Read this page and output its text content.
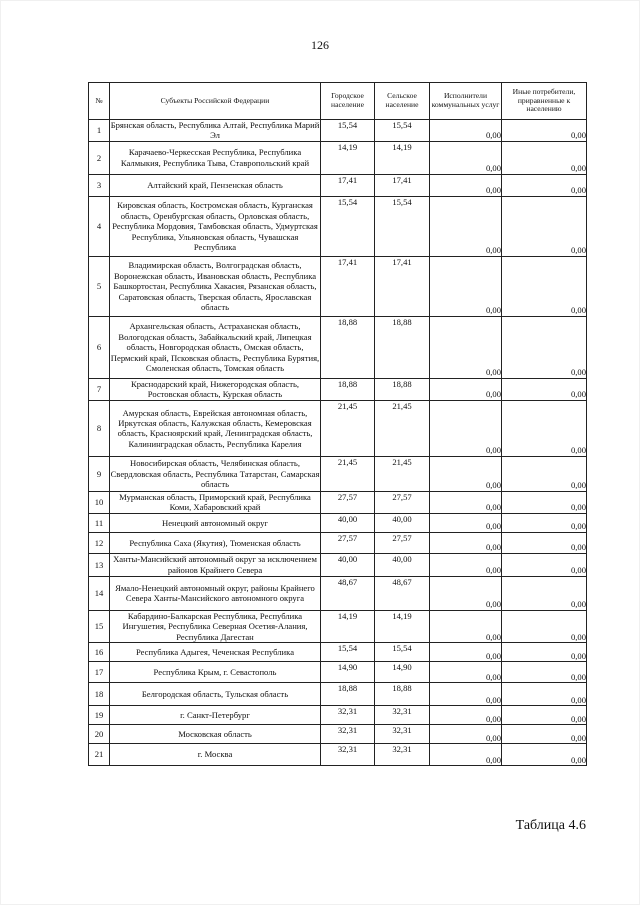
126
№	Субъекты Российской Федерации	Городское население	Сельское население	Исполнители коммунальных услуг	Иные потребители, приравненные к населению
1	Брянская область, Республика Алтай, Республика Марий Эл	15,54	15,54	0,00	0,00
2	Карачаево-Черкесская Республика, Республика Калмыкия, Республика Тыва, Ставропольский край	14,19	14,19	0,00	0,00
3	Алтайский край, Пензенская область	17,41	17,41	0,00	0,00
4	Кировская область, Костромская область, Курганская область, Оренбургская область, Орловская область, Республика Мордовия, Тамбовская область, Удмуртская Республика, Ульяновская область, Чувашская Республика	15,54	15,54	0,00	0,00
5	Владимирская область, Волгоградская область, Воронежская область, Ивановская область, Республика Башкортостан, Республика Хакасия, Рязанская область, Саратовская область, Тверская область, Ярославская область	17,41	17,41	0,00	0,00
6	Архангельская область, Астраханская область, Вологодская область, Забайкальский край, Липецкая область, Новгородская область, Омская область, Пермский край, Псковская область, Республика Бурятия, Смоленская область, Томская область	18,88	18,88	0,00	0,00
7	Краснодарский край, Нижегородская область, Ростовская область, Курская область	18,88	18,88	0,00	0,00
8	Амурская область, Еврейская автономная область, Иркутская область, Калужская область, Кемеровская область, Красноярский край, Ленинградская область, Калининградская область, Республика Карелия	21,45	21,45	0,00	0,00
9	Новосибирская область, Челябинская область, Свердловская область, Республика Татарстан, Самарская область	21,45	21,45	0,00	0,00
10	Мурманская область, Приморский край, Республика Коми, Хабаровский край	27,57	27,57	0,00	0,00
11	Ненецкий автономный округ	40,00	40,00	0,00	0,00
12	Республика Саха (Якутия), Тюменская область	27,57	27,57	0,00	0,00
13	Ханты-Мансийский автономный округ за исключением районов Крайнего Севера	40,00	40,00	0,00	0,00
14	Ямало-Ненецкий автономный округ, районы Крайнего Севера Ханты-Мансийского автономного округа	48,67	48,67	0,00	0,00
15	Кабардино-Балкарская Республика, Республика Ингушетия, Республика Северная Осетия-Алания, Республика Дагестан	14,19	14,19	0,00	0,00
16	Республика Адыгея, Чеченская Республика	15,54	15,54	0,00	0,00
17	Республика Крым, г. Севастополь	14,90	14,90	0,00	0,00
18	Белгородская область, Тульская область	18,88	18,88	0,00	0,00
19	г. Санкт-Петербург	32,31	32,31	0,00	0,00
20	Московская область	32,31	32,31	0,00	0,00
21	г. Москва	32,31	32,31	0,00	0,00
Таблица 4.6
